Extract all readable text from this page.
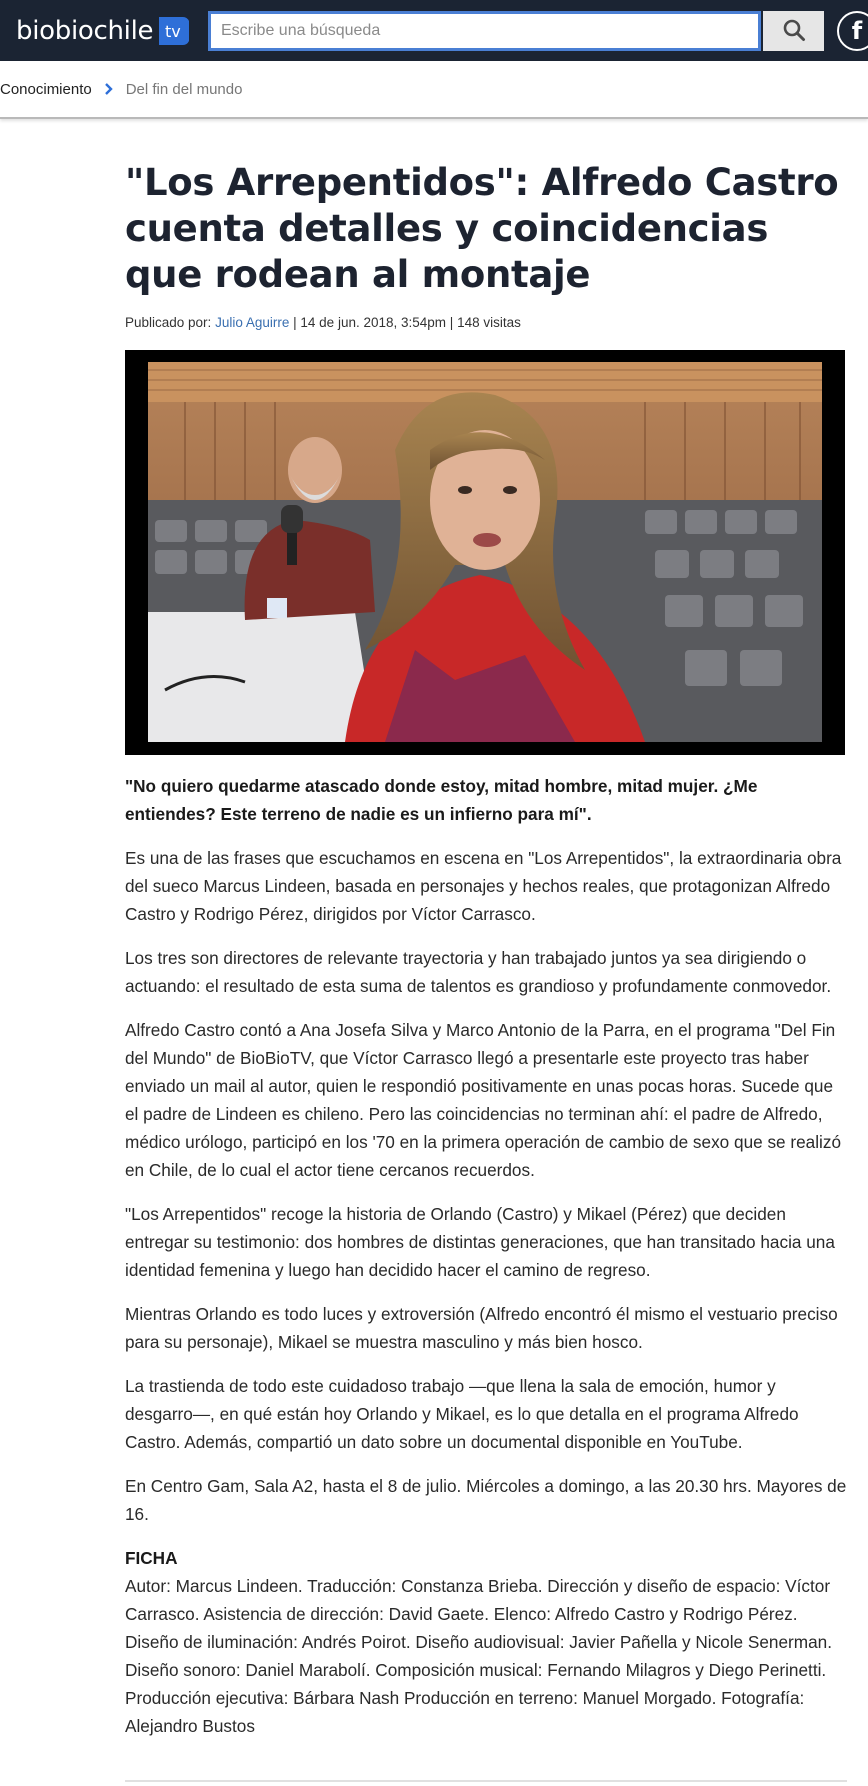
biobiochile tv
Escribe una búsqueda	f
Conocimiento Del fin del mundo
"Los Arrepentidos": Alfredo Castro cuenta detalles y coincidencias que rodean al montaje
Publicado por: Julio Aguirre | 14 de jun. 2018, 3:54pm | 148 visitas

"No quiero quedarme atascado donde estoy, mitad hombre, mitad mujer. ¿Me entiendes? Este terreno de nadie es un infierno para mí".

Es una de las frases que escuchamos en escena en "Los Arrepentidos", la extraordinaria obra del sueco Marcus Lindeen, basada en personajes y hechos reales, que protagonizan Alfredo Castro y Rodrigo Pérez, dirigidos por Víctor Carrasco.

Los tres son directores de relevante trayectoria y han trabajado juntos ya sea dirigiendo o actuando: el resultado de esta suma de talentos es grandioso y profundamente conmovedor.

Alfredo Castro contó a Ana Josefa Silva y Marco Antonio de la Parra, en el programa "Del Fin del Mundo" de BioBioTV, que Víctor Carrasco llegó a presentarle este proyecto tras haber enviado un mail al autor, quien le respondió positivamente en unas pocas horas. Sucede que el padre de Lindeen es chileno. Pero las coincidencias no terminan ahí: el padre de Alfredo, médico urólogo, participó en los '70 en la primera operación de cambio de sexo que se realizó en Chile, de lo cual el actor tiene cercanos recuerdos.

"Los Arrepentidos" recoge la historia de Orlando (Castro) y Mikael (Pérez) que deciden entregar su testimonio: dos hombres de distintas generaciones, que han transitado hacia una identidad femenina y luego han decidido hacer el camino de regreso.

Mientras Orlando es todo luces y extroversión (Alfredo encontró él mismo el vestuario preciso para su personaje), Mikael se muestra masculino y más bien hosco.

La trastienda de todo este cuidadoso trabajo —que llena la sala de emoción, humor y desgarro—, en qué están hoy Orlando y Mikael, es lo que detalla en el programa Alfredo Castro. Además, compartió un dato sobre un documental disponible en YouTube.

En Centro Gam, Sala A2, hasta el 8 de julio. Miércoles a domingo, a las 20.30 hrs. Mayores de 16.

FICHA
Autor: Marcus Lindeen. Traducción: Constanza Brieba. Dirección y diseño de espacio: Víctor Carrasco. Asistencia de dirección: David Gaete. Elenco: Alfredo Castro y Rodrigo Pérez. Diseño de iluminación: Andrés Poirot. Diseño audiovisual: Javier Pañella y Nicole Senerman. Diseño sonoro: Daniel Marabolí. Composición musical: Fernando Milagros y Diego Perinetti. Producción ejecutiva: Bárbara Nash Producción en terreno: Manuel Morgado. Fotografía: Alejandro Bustos
